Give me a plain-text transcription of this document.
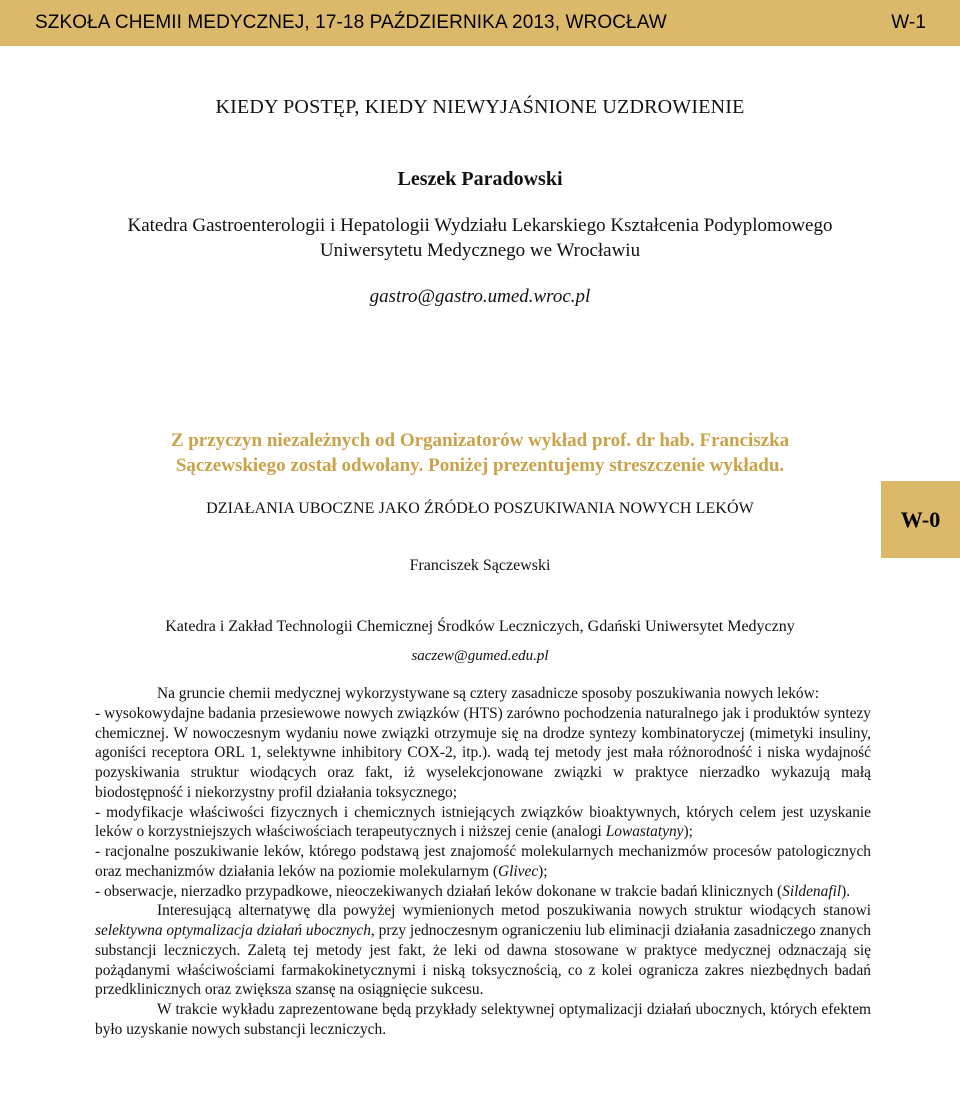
SZKOŁA CHEMII MEDYCZNEJ, 17-18 PAŹDZIERNIKA 2013, WROCŁAW	W-1
KIEDY POSTĘP, KIEDY NIEWYJAŚNIONE UZDROWIENIE
Leszek Paradowski
Katedra Gastroenterologii i Hepatologii Wydziału Lekarskiego Kształcenia Podyplomowego
Uniwersytetu Medycznego we Wrocławiu
gastro@gastro.umed.wroc.pl
Z przyczyn niezależnych od Organizatorów wykład prof. dr hab. Franciszka
Sączewskiego został odwołany. Poniżej prezentujemy streszczenie wykładu.
DZIAŁANIA UBOCZNE JAKO ŹRÓDŁO POSZUKIWANIA NOWYCH LEKÓW	W-0
Franciszek Sączewski
Katedra i Zakład Technologii Chemicznej Środków Leczniczych, Gdański Uniwersytet Medyczny
saczew@gumed.edu.pl

Na gruncie chemii medycznej wykorzystywane są cztery zasadnicze sposoby poszukiwania nowych leków:

- wysokowydajne badania przesiewowe nowych związków (HTS) zarówno pochodzenia naturalnego jak i produktów syntezy chemicznej. W nowoczesnym wydaniu nowe związki otrzymuje się na drodze syntezy kombinatoryczej (mimetyki insuliny, agoniści receptora ORL 1, selektywne inhibitory COX-2, itp.). wadą tej metody jest mała różnorodność i niska wydajność pozyskiwania struktur wiodących oraz fakt, iż wyselekcjonowane związki w praktyce nierzadko wykazują małą biodostępność i niekorzystny profil działania toksycznego;

- modyfikacje właściwości fizycznych i chemicznych istniejących związków bioaktywnych, których celem jest uzyskanie leków o korzystniejszych właściwościach terapeutycznych i niższej cenie (analogi Lowastatyny);

- racjonalne poszukiwanie leków, którego podstawą jest znajomość molekularnych mechanizmów procesów patologicznych oraz mechanizmów działania leków na poziomie molekularnym (Glivec);

- obserwacje, nierzadko przypadkowe, nieoczekiwanych działań leków dokonane w trakcie badań klinicznych (Sildenafil).

Interesującą alternatywę dla powyżej wymienionych metod poszukiwania nowych struktur wiodących stanowi selektywna optymalizacja działań ubocznych, przy jednoczesnym ograniczeniu lub eliminacji działania zasadniczego znanych substancji leczniczych. Zaletą tej metody jest fakt, że leki od dawna stosowane w praktyce medycznej odznaczają się pożądanymi właściwościami farmakokinetycznymi i niską toksycznością, co z kolei ogranicza zakres niezbędnych badań przedklinicznych oraz zwiększa szansę na osiągnięcie sukcesu.

W trakcie wykładu zaprezentowane będą przykłady selektywnej optymalizacji działań ubocznych, których efektem było uzyskanie nowych substancji leczniczych.
